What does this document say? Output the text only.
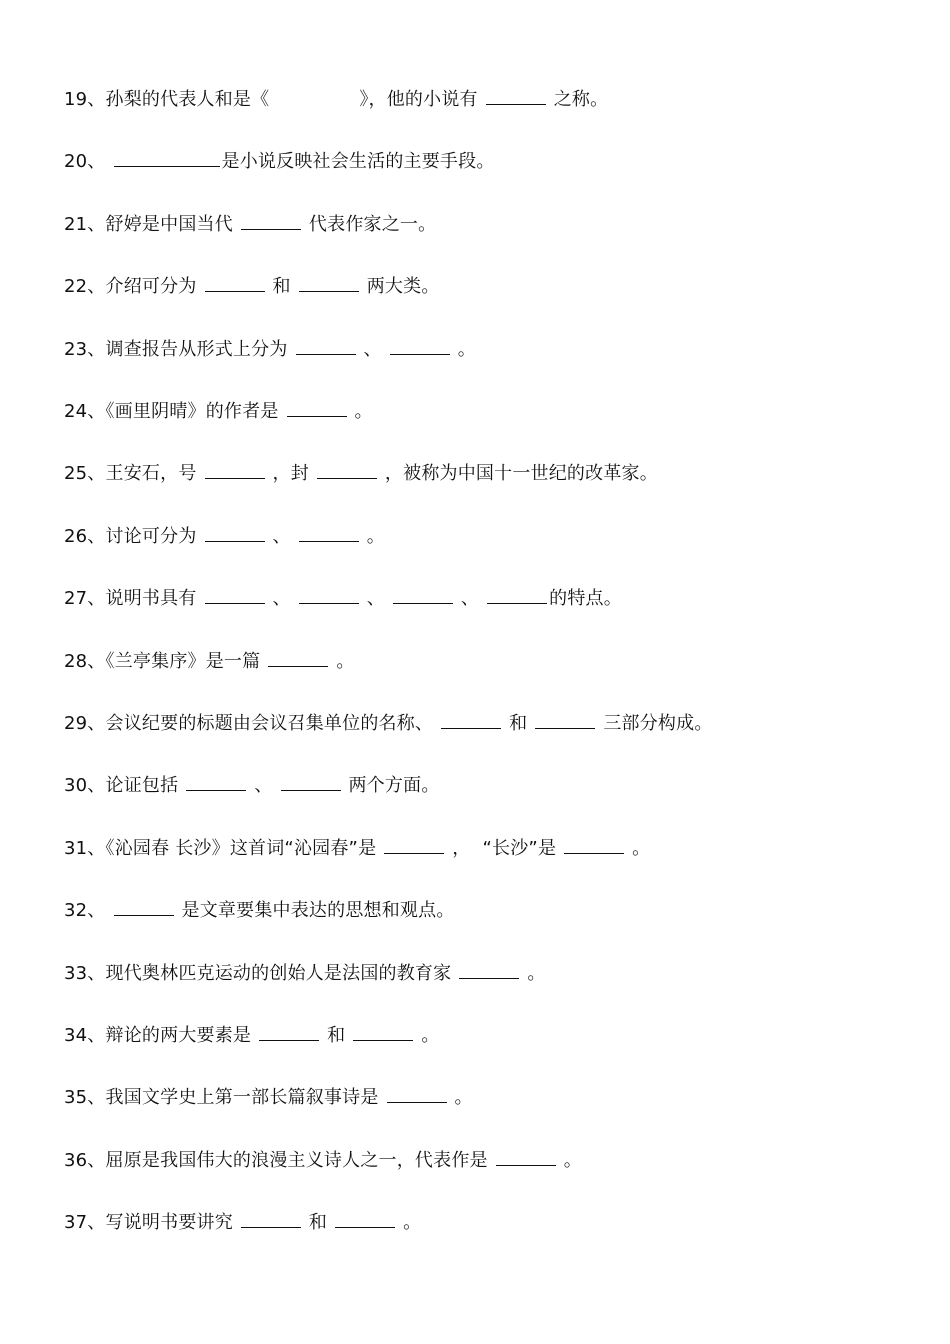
19、孙梨的代表人和是《	》，他的小说有	之称。
20、	是小说反映社会生活的主要手段。
21、舒婷是中国当代	代表作家之一。
22、介绍可分为	和	两大类。
23、调查报告从形式上分为	、	。
24、《画里阴晴》的作者是	。
25、王安石，号	，封	，被称为中国十一世纪的改革家。
26、讨论可分为	、	。
27、说明书具有	、	、	、	的特点。
28、《兰亭集序》是一篇	。
29、会议纪要的标题由会议召集单位的名称、	和	三部分构成。
30、论证包括	、	两个方面。
31、《沁园春 长沙》这首词“沁园春”是	， “长沙”是	。
32、	是文章要集中表达的思想和观点。
33、现代奥林匹克运动的创始人是法国的教育家	。
34、辩论的两大要素是	和	。
35、我国文学史上第一部长篇叙事诗是	。
36、屈原是我国伟大的浪漫主义诗人之一，代表作是	。
37、写说明书要讲究	和	。
